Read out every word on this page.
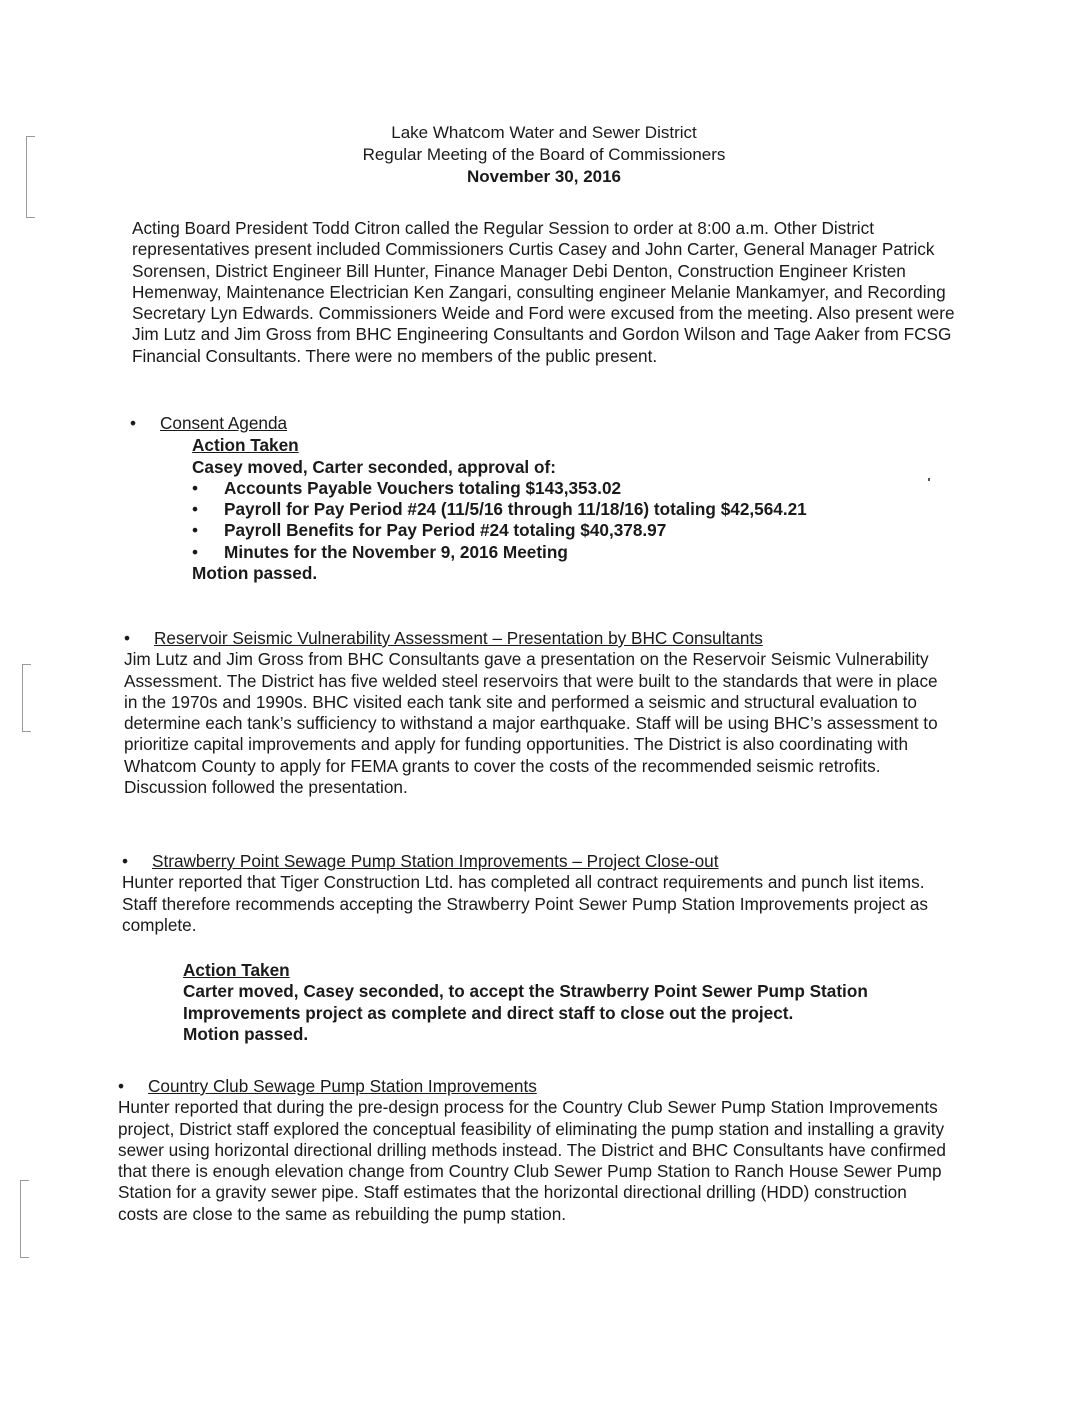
Lake Whatcom Water and Sewer District
Regular Meeting of the Board of Commissioners
November 30, 2016

Acting Board President Todd Citron called the Regular Session to order at 8:00 a.m. Other District representatives present included Commissioners Curtis Casey and John Carter, General Manager Patrick Sorensen, District Engineer Bill Hunter, Finance Manager Debi Denton, Construction Engineer Kristen Hemenway, Maintenance Electrician Ken Zangari, consulting engineer Melanie Mankamyer, and Recording Secretary Lyn Edwards. Commissioners Weide and Ford were excused from the meeting. Also present were Jim Lutz and Jim Gross from BHC Engineering Consultants and Gordon Wilson and Tage Aaker from FCSG Financial Consultants. There were no members of the public present.

• Consent Agenda
Action Taken
Casey moved, Carter seconded, approval of:
• Accounts Payable Vouchers totaling $143,353.02
• Payroll for Pay Period #24 (11/5/16 through 11/18/16) totaling $42,564.21
• Payroll Benefits for Pay Period #24 totaling $40,378.97
• Minutes for the November 9, 2016 Meeting
Motion passed.
• Reservoir Seismic Vulnerability Assessment – Presentation by BHC Consultants

Jim Lutz and Jim Gross from BHC Consultants gave a presentation on the Reservoir Seismic Vulnerability Assessment. The District has five welded steel reservoirs that were built to the standards that were in place in the 1970s and 1990s. BHC visited each tank site and performed a seismic and structural evaluation to determine each tank’s sufficiency to withstand a major earthquake. Staff will be using BHC’s assessment to prioritize capital improvements and apply for funding opportunities. The District is also coordinating with Whatcom County to apply for FEMA grants to cover the costs of the recommended seismic retrofits. Discussion followed the presentation.

• Strawberry Point Sewage Pump Station Improvements – Project Close-out

Hunter reported that Tiger Construction Ltd. has completed all contract requirements and punch list items. Staff therefore recommends accepting the Strawberry Point Sewer Pump Station Improvements project as complete.

Action Taken
Carter moved, Casey seconded, to accept the Strawberry Point Sewer Pump Station Improvements project as complete and direct staff to close out the project.
Motion passed.
• Country Club Sewage Pump Station Improvements

Hunter reported that during the pre-design process for the Country Club Sewer Pump Station Improvements project, District staff explored the conceptual feasibility of eliminating the pump station and installing a gravity sewer using horizontal directional drilling methods instead. The District and BHC Consultants have confirmed that there is enough elevation change from Country Club Sewer Pump Station to Ranch House Sewer Pump Station for a gravity sewer pipe. Staff estimates that the horizontal directional drilling (HDD) construction costs are close to the same as rebuilding the pump station.
